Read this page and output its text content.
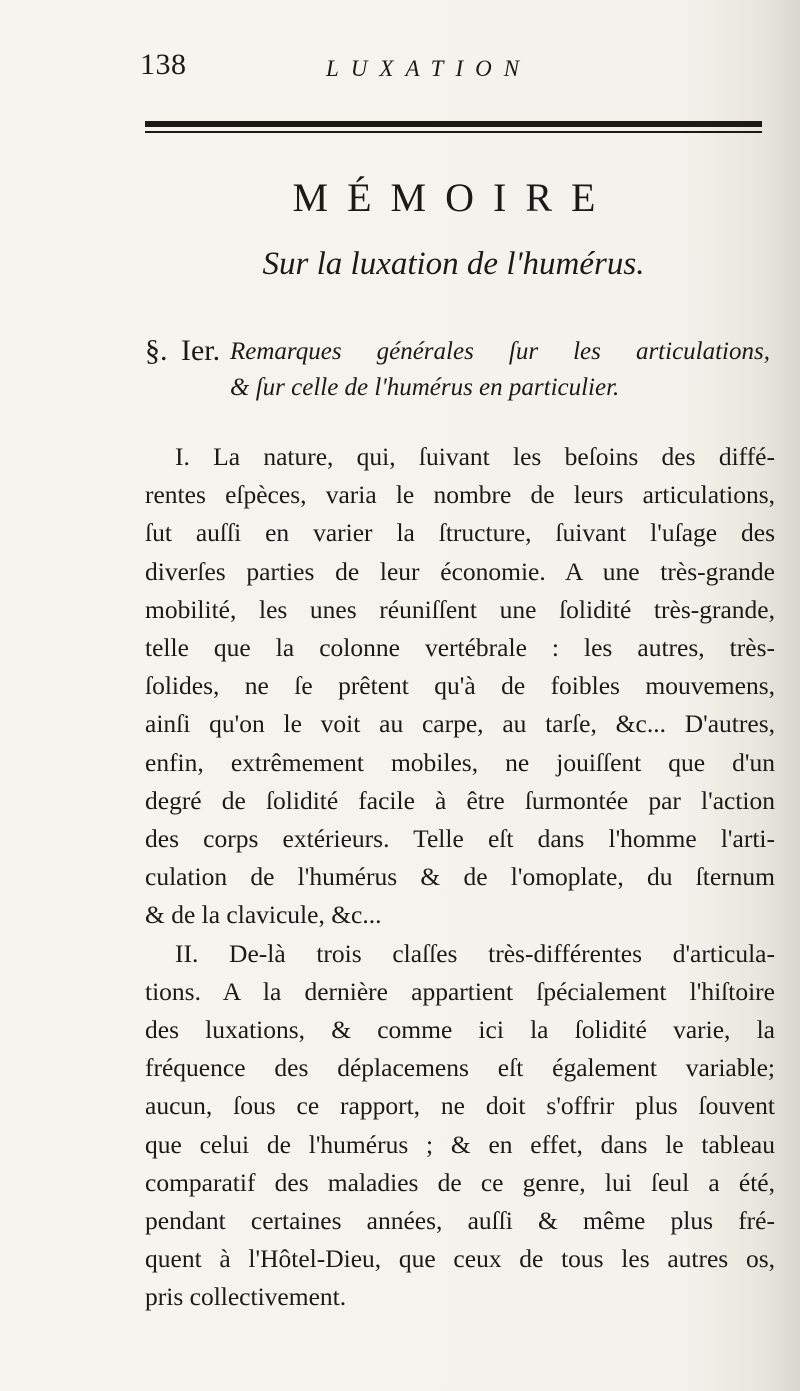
138	LUXATION
MÉMOIRE
Sur la luxation de l'humérus.
§. Ier. Remarques générales ſur les articulations,
& ſur celle de l'humérus en particulier.
I. La nature, qui, ſuivant les beſoins des diffé-
rentes eſpèces, varia le nombre de leurs articulations,
ſut auſſi en varier la ſtructure, ſuivant l'uſage des
diverſes parties de leur économie. A une très-grande
mobilité, les unes réuniſſent une ſolidité très-grande,
telle que la colonne vertébrale : les autres, très-
ſolides, ne ſe prêtent qu'à de foibles mouvemens,
ainſi qu'on le voit au carpe, au tarſe, &c... D'autres,
enfin, extrêmement mobiles, ne jouiſſent que d'un
degré de ſolidité facile à être ſurmontée par l'action
des corps extérieurs. Telle eſt dans l'homme l'arti-
culation de l'humérus & de l'omoplate, du ſternum
& de la clavicule, &c...
II. De-là trois claſſes très-différentes d'articula-
tions. A la dernière appartient ſpécialement l'hiſtoire
des luxations, & comme ici la ſolidité varie, la
fréquence des déplacemens eſt également variable;
aucun, ſous ce rapport, ne doit s'offrir plus ſouvent
que celui de l'humérus ; & en effet, dans le tableau
comparatif des maladies de ce genre, lui ſeul a été,
pendant certaines années, auſſi & même plus fré-
quent à l'Hôtel-Dieu, que ceux de tous les autres os,
pris collectivement.
